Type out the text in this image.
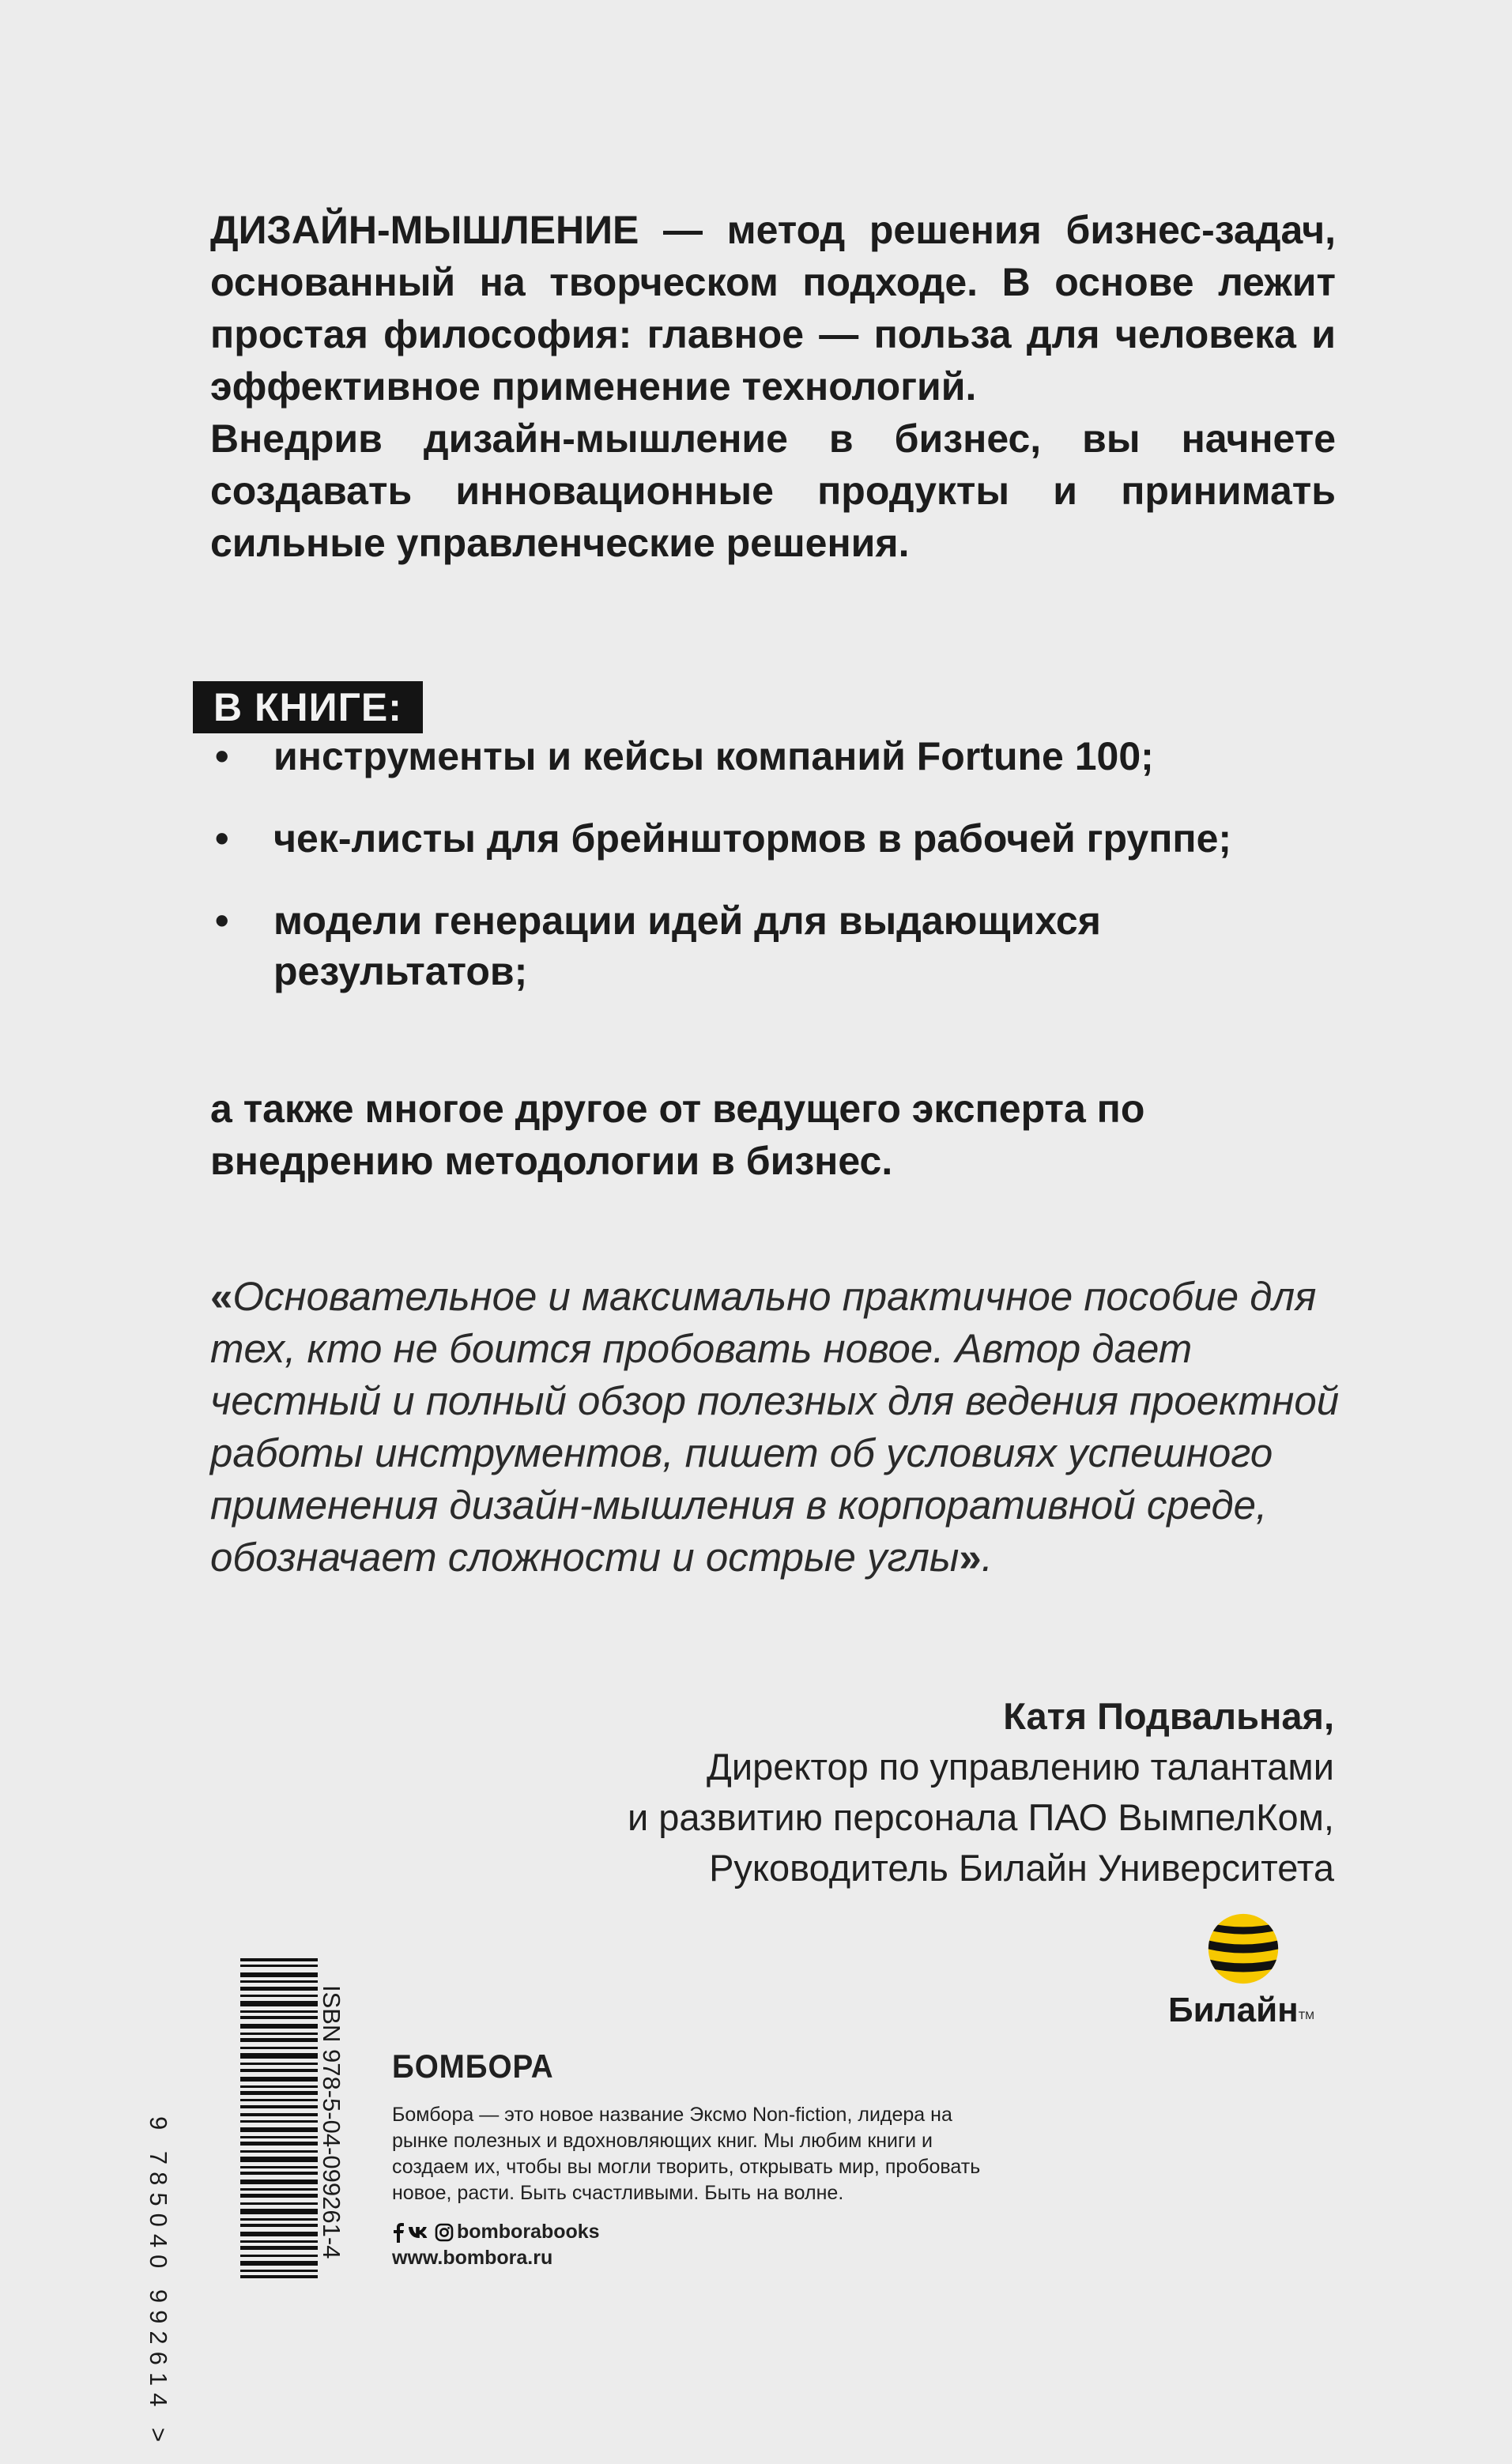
ДИЗАЙН-МЫШЛЕНИЕ — метод решения бизнес-задач, основанный на творческом подходе. В основе лежит простая философия: главное — польза для человека и эффективное применение технологий.

Внедрив дизайн-мышление в бизнес, вы начнете создавать инновационные продукты и принимать сильные управленческие решения.

В КНИГЕ:
• инструменты и кейсы компаний Fortune 100;
• чек-листы для брейнштормов в рабочей группе;
• модели генерации идей для выдающихся результатов;
а также многое другое от ведущего эксперта по внедрению методологии в бизнес.
«Основательное и максимально практичное пособие для тех, кто не боится пробовать новое. Автор дает честный и полный обзор полезных для ведения проектной работы инструментов, пишет об условиях успешного применения дизайн-мышления в корпоративной среде, обозначает сложности и острые углы».
Катя Подвальная,
Директор по управлению талантами
и развитию персонала ПАО ВымпелКом,
Руководитель Билайн Университета
Билайн™
9 785040 992614 >	ISBN 978-5-04-099261-4 БОМБОРА
Бомбора — это новое название Эксмо Non-fiction, лидера на рынке полезных и вдохновляющих книг. Мы любим книги и создаем их, чтобы вы могли творить, открывать мир, пробовать новое, расти. Быть счастливыми. Быть на волне.
bomborabooks
www.bombora.ru
